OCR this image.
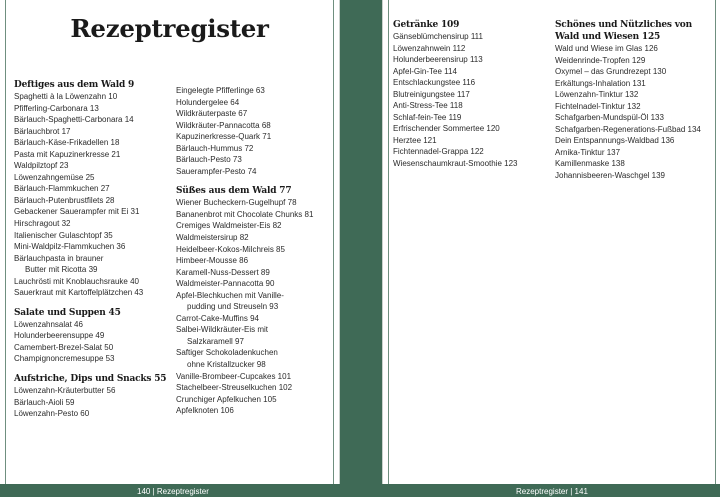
Rezeptregister
Deftiges aus dem Wald 9
Spaghetti à la Löwenzahn 10
Pfifferling-Carbonara 13
Bärlauch-Spaghetti-Carbonara 14
Bärlauchbrot 17
Bärlauch-Käse-Frikadellen 18
Pasta mit Kapuzinerkresse 21
Waldpilztopf 23
Löwenzahngemüse 25
Bärlauch-Flammkuchen 27
Bärlauch-Putenbrustfilets 28
Gebackener Sauerampfer mit Ei 31
Hirschragout 32
Italienischer Gulaschtopf 35
Mini-Waldpilz-Flammkuchen 36
Bärlauchpasta in brauner
Butter mit Ricotta 39
Lauchrösti mit Knoblauchsrauke 40
Sauerkraut mit Kartoffelplätzchen 43
Salate und Suppen 45
Löwenzahnsalat 46
Holunderbeerensuppe 49
Camembert-Brezel-Salat 50
Champignoncremesuppe 53
Aufstriche, Dips und Snacks 55
Löwenzahn-Kräuterbutter 56
Bärlauch-Aioli 59
Löwenzahn-Pesto 60
Eingelegte Pfifferlinge 63
Holundergelee 64
Wildkräuterpaste 67
Wildkräuter-Pannacotta 68
Kapuzinerkresse-Quark 71
Bärlauch-Hummus 72
Bärlauch-Pesto 73
Sauerampfer-Pesto 74
Süßes aus dem Wald 77
Wiener Bucheckern-Gugelhupf 78
Bananenbrot mit Chocolate Chunks 81
Cremiges Waldmeister-Eis 82
Waldmeistersirup 82
Heidelbeer-Kokos-Milchreis 85
Himbeer-Mousse 86
Karamell-Nuss-Dessert 89
Waldmeister-Pannacotta 90
Apfel-Blechkuchen mit Vanille-
pudding und Streuseln 93
Carrot-Cake-Muffins 94
Salbei-Wildkräuter-Eis mit
Salzkaramell 97
Saftiger Schokoladenkuchen
ohne Kristallzucker 98
Vanille-Brombeer-Cupcakes 101
Stachelbeer-Streuselkuchen 102
Crunchiger Apfelkuchen 105
Apfelknoten 106
Getränke 109
Gänseblümchensirup 111
Löwenzahnwein 112
Holunderbeerensirup 113
Apfel-Gin-Tee 114
Entschlackungstee 116
Blutreinigungstee 117
Anti-Stress-Tee 118
Schlaf-fein-Tee 119
Erfrischender Sommertee 120
Herztee 121
Fichtennadel-Grappa 122
Wiesenschaumkraut-Smoothie 123
Schönes und Nützliches von
Wald und Wiesen 125
Wald und Wiese im Glas 126
Weidenrinde-Tropfen 129
Oxymel – das Grundrezept 130
Erkältungs-Inhalation 131
Löwenzahn-Tinktur 132
Fichtelnadel-Tinktur 132
Schafgarben-Mundspül-Öl 133
Schafgarben-Regenerations-Fußbad 134
Dein Entspannungs-Waldbad 136
Arnika-Tinktur 137
Kamillenmaske 138
Johannisbeeren-Waschgel 139
140 | Rezeptregister	Rezeptregister | 141
